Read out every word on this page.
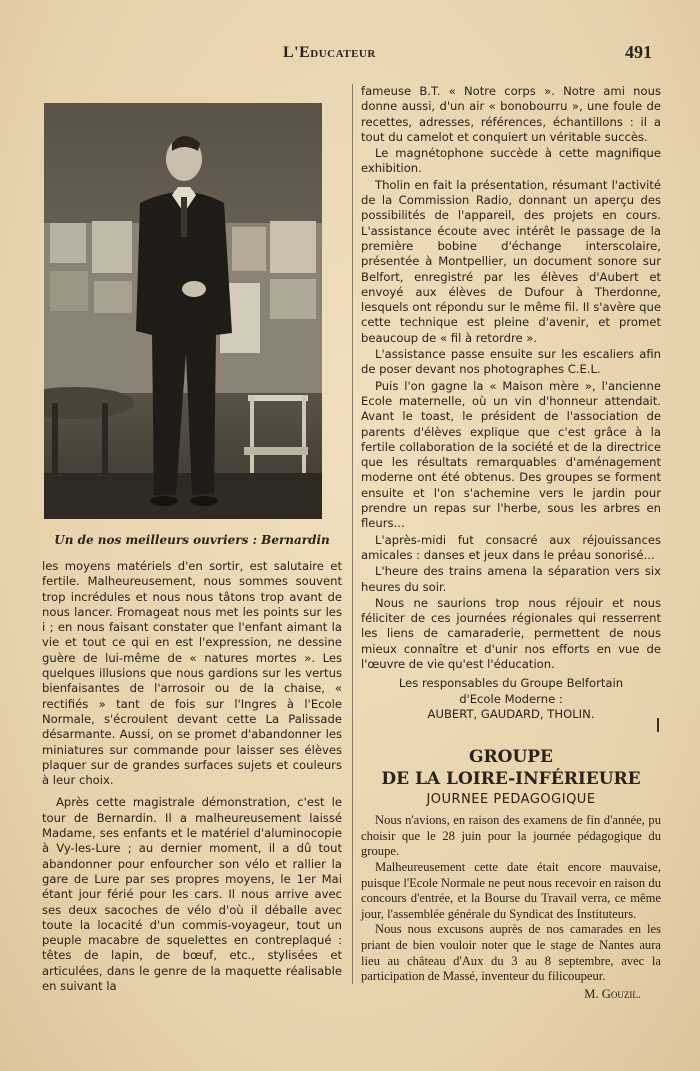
L'Educateur	491
Un de nos meilleurs ouvriers : Bernardin

les moyens matériels d'en sortir, est salutaire et fertile. Malheureusement, nous sommes souvent trop incrédules et nous nous tâtons trop avant de nous lancer. Fromageat nous met les points sur les i ; en nous faisant constater que l'enfant aimant la vie et tout ce qui en est l'expression, ne dessine guère de lui-même de « natures mortes ». Les quelques illusions que nous gardions sur les vertus bienfaisantes de l'arrosoir ou de la chaise, « rectifiés » tant de fois sur l'Ingres à l'Ecole Normale, s'écroulent devant cette La Palissade désarmante. Aussi, on se promet d'abandonner les miniatures sur commande pour laisser ses élèves plaquer sur de grandes surfaces sujets et couleurs à leur choix.

Après cette magistrale démonstration, c'est le tour de Bernardin. Il a malheureusement laissé Madame, ses enfants et le matériel d'aluminocopie à Vy-les-Lure ; au dernier moment, il a dû tout abandonner pour enfourcher son vélo et rallier la gare de Lure par ses propres moyens, le 1er Mai étant jour férié pour les cars. Il nous arrive avec ses deux sacoches de vélo d'où il déballe avec toute la locacité d'un commis-voyageur, tout un peuple macabre de squelettes en contreplaqué : têtes de lapin, de bœuf, etc., stylisées et articulées, dans le genre de la maquette réalisable en suivant la

fameuse B.T. « Notre corps ». Notre ami nous donne aussi, d'un air « bonobourru », une foule de recettes, adresses, références, échantillons : il a tout du camelot et conquiert un véritable succès.

Le magnétophone succède à cette magnifique exhibition.

Tholin en fait la présentation, résumant l'activité de la Commission Radio, donnant un aperçu des possibilités de l'appareil, des projets en cours. L'assistance écoute avec intérêt le passage de la première bobine d'échange interscolaire, présentée à Montpellier, un document sonore sur Belfort, enregistré par les élèves d'Aubert et envoyé aux élèves de Dufour à Therdonne, lesquels ont répondu sur le même fil. Il s'avère que cette technique est pleine d'avenir, et promet beaucoup de « fil à retordre ».

L'assistance passe ensuite sur les escaliers afin de poser devant nos photographes C.E.L.

Puis l'on gagne la « Maison mère », l'ancienne Ecole maternelle, où un vin d'honneur attendait. Avant le toast, le président de l'association de parents d'élèves explique que c'est grâce à la fertile collaboration de la société et de la directrice que les résultats remarquables d'aménagement moderne ont été obtenus. Des groupes se forment ensuite et l'on s'achemine vers le jardin pour prendre un repas sur l'herbe, sous les arbres en fleurs...

L'après-midi fut consacré aux réjouissances amicales : danses et jeux dans le préau sonorisé...

L'heure des trains amena la séparation vers six heures du soir.

Nous ne saurions trop nous réjouir et nous féliciter de ces journées régionales qui resserrent les liens de camaraderie, permettent de nous mieux connaître et d'unir nos efforts en vue de l'œuvre de vie qu'est l'éducation.

Les responsables du Groupe Belfortain

d'Ecole Moderne :

AUBERT, GAUDARD, THOLIN.

GROUPE

DE LA LOIRE-INFÉRIEURE

JOURNEE PEDAGOGIQUE

Nous n'avions, en raison des examens de fin d'année, pu choisir que le 28 juin pour la journée pédagogique du groupe.

Malheureusement cette date était encore mauvaise, puisque l'Ecole Normale ne peut nous recevoir en raison du concours d'entrée, et la Bourse du Travail verra, ce même jour, l'assemblée générale du Syndicat des Instituteurs.

Nous nous excusons auprès de nos camarades en les priant de bien vouloir noter que le stage de Nantes aura lieu au château d'Aux du 3 au 8 septembre, avec la participation de Massé, inventeur du filicoupeur.

M. Gouzil.
